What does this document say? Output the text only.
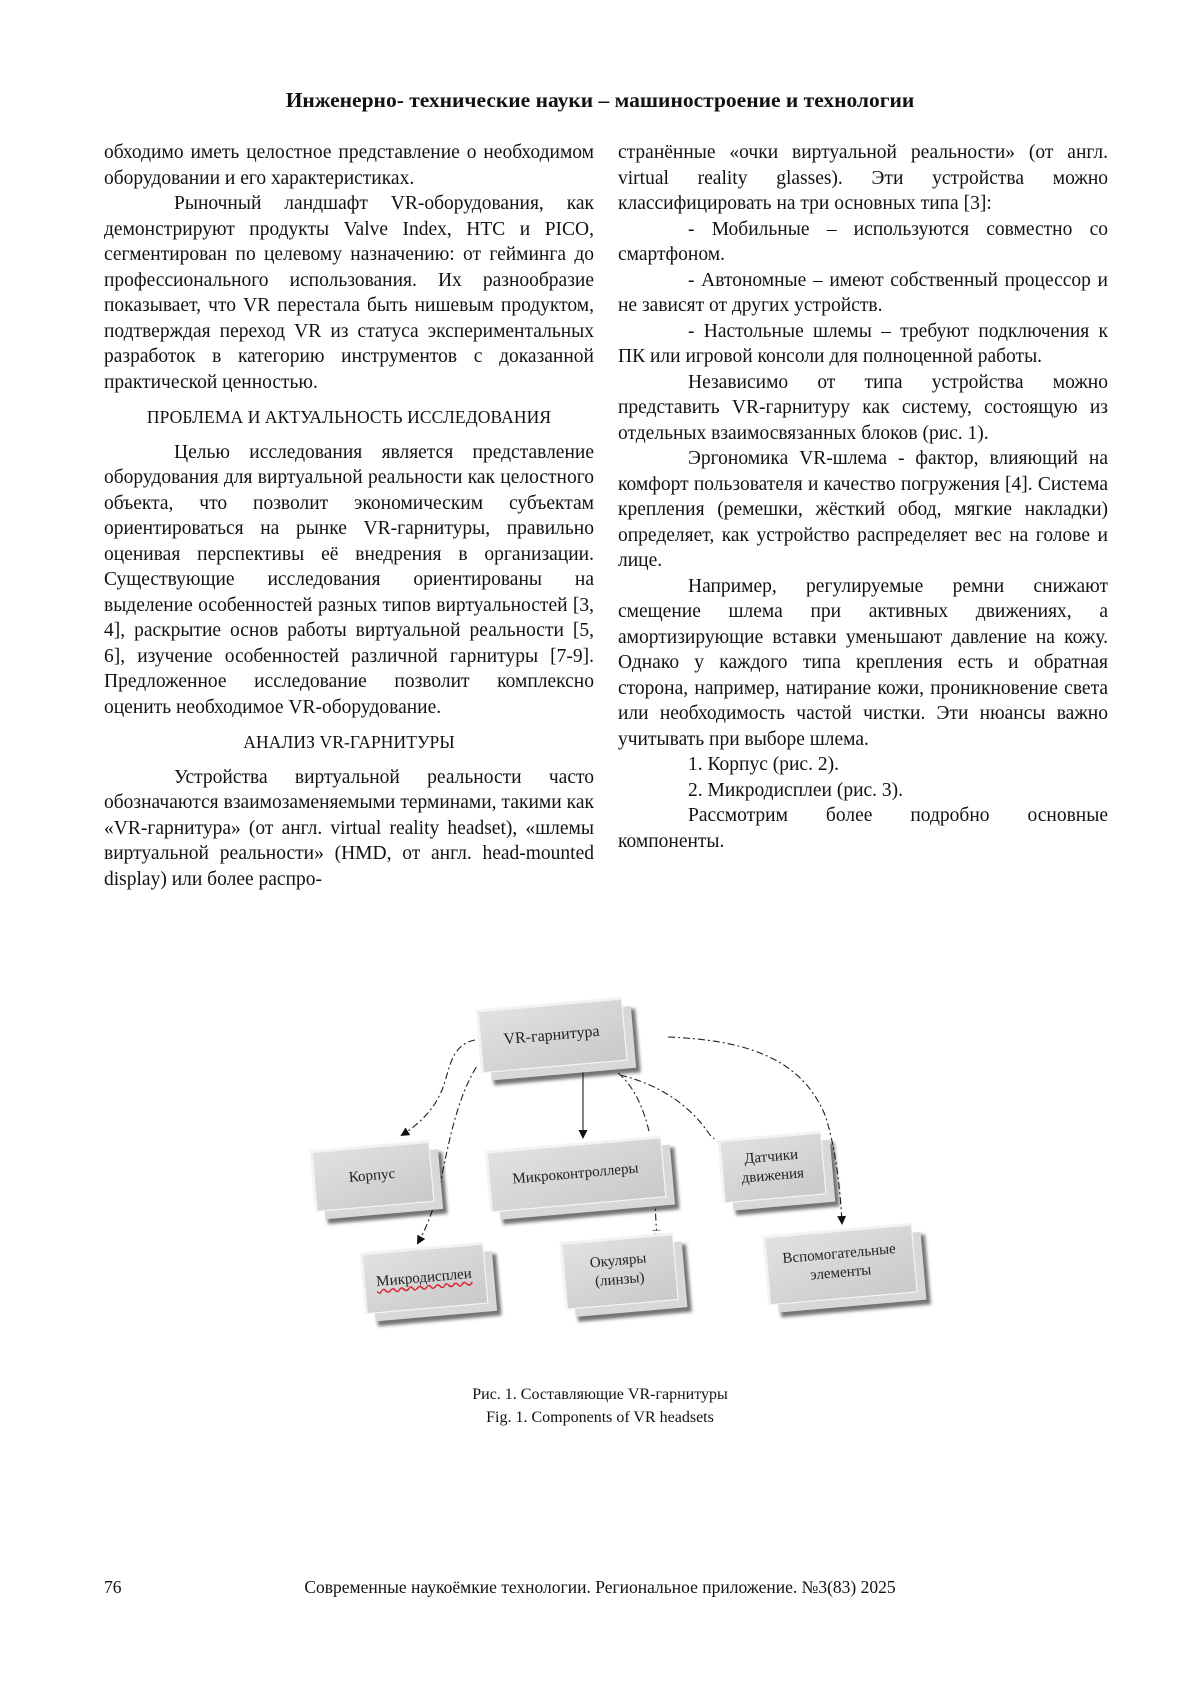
Инженерно- технические науки – машиностроение и технологии

обходимо иметь целостное представление о необходимом оборудовании и его характеристиках.

Рыночный ландшафт VR-оборудования, как демонстрируют продукты Valve Index, HTC и PICO, сегментирован по целевому назначению: от гейминга до профессионального использования. Их разнообразие показывает, что VR перестала быть нишевым продуктом, подтверждая переход VR из статуса экспериментальных разработок в категорию инструментов с доказанной практической ценностью.

ПРОБЛЕМА И АКТУАЛЬНОСТЬ ИССЛЕДОВАНИЯ

Целью исследования является представление оборудования для виртуальной реальности как целостного объекта, что позволит экономическим субъектам ориентироваться на рынке VR-гарнитуры, правильно оценивая перспективы её внедрения в организации. Существующие исследования ориентированы на выделение особенностей разных типов виртуальностей [3, 4], раскрытие основ работы виртуальной реальности [5, 6], изучение особенностей различной гарнитуры [7-9]. Предложенное исследование позволит комплексно оценить необходимое VR-оборудование.

АНАЛИЗ VR-ГАРНИТУРЫ

Устройства виртуальной реальности часто обозначаются взаимозаменяемыми терминами, такими как «VR-гарнитура» (от англ. virtual reality headset), «шлемы виртуальной реальности» (HMD, от англ. head-mounted display) или более распро-

странённые «очки виртуальной реальности» (от англ. virtual reality glasses). Эти устройства можно классифицировать на три основных типа [3]:

- Мобильные – используются совместно со смартфоном.

- Автономные – имеют собственный процессор и не зависят от других устройств.

- Настольные шлемы – требуют подключения к ПК или игровой консоли для полноценной работы.

Независимо от типа устройства можно представить VR-гарнитуру как систему, состоящую из отдельных взаимосвязанных блоков (рис. 1).

Эргономика VR-шлема - фактор, влияющий на комфорт пользователя и качество погружения [4]. Система крепления (ремешки, жёсткий обод, мягкие накладки) определяет, как устройство распределяет вес на голове и лице.

Например, регулируемые ремни снижают смещение шлема при активных движениях, а амортизирующие вставки уменьшают давление на кожу. Однако у каждого типа крепления есть и обратная сторона, например, натирание кожи, проникновение света или необходимость частой чистки. Эти нюансы важно учитывать при выборе шлема.

1. Корпус (рис. 2).

2. Микродисплеи (рис. 3).

Рассмотрим более подробно основные компоненты.

VR-гарнитура
Корпус	Микроконтроллеры
Датчики
движения
Микродисплеи
Окуляры
(линзы)
Вспомогательные
элементы
Рис. 1. Составляющие VR-гарнитуры
Fig. 1. Components of VR headsets
76	Современные наукоёмкие технологии. Региональное приложение. №3(83) 2025
